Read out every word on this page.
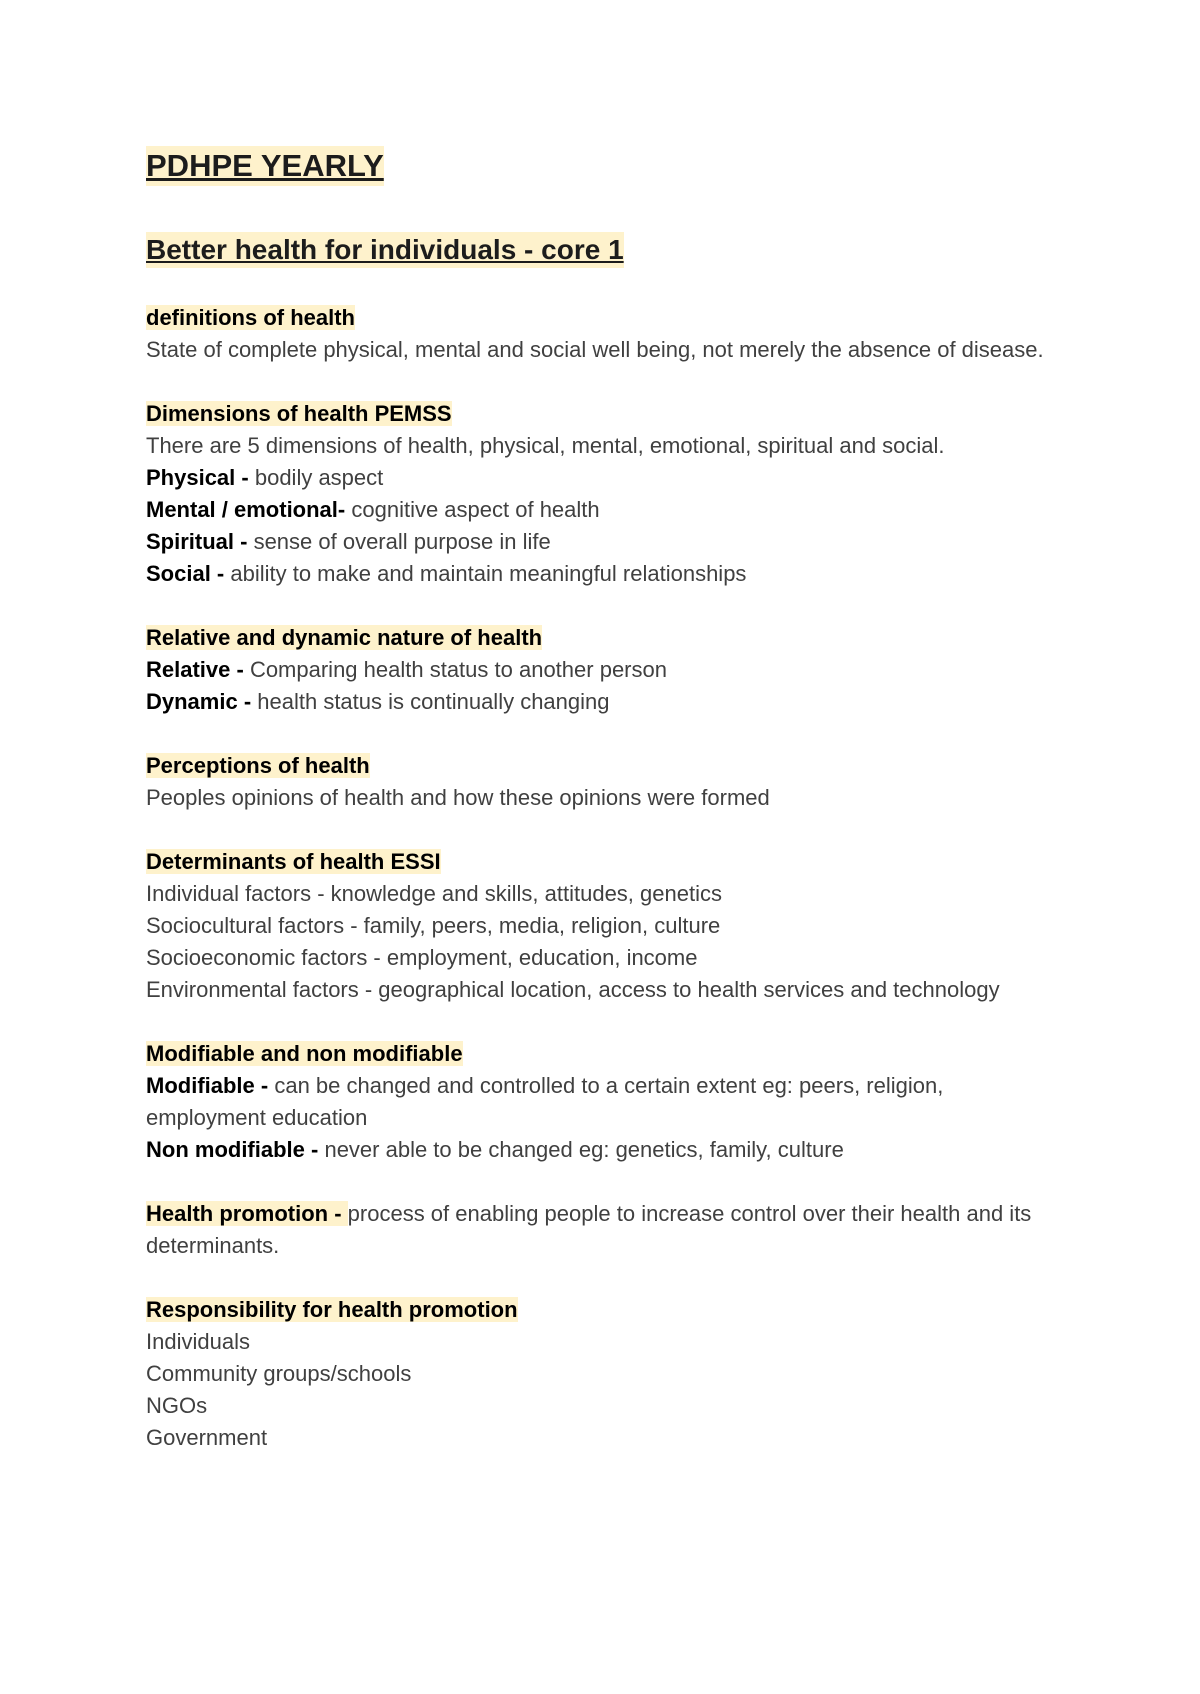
PDHPE YEARLY
Better health for individuals - core 1

definitions of health

State of complete physical, mental and social well being, not merely the absence of disease.

Dimensions of health PEMSS

There are 5 dimensions of health, physical, mental, emotional, spiritual and social.

Physical - bodily aspect

Mental / emotional- cognitive aspect of health

Spiritual - sense of overall purpose in life

Social - ability to make and maintain meaningful relationships

Relative and dynamic nature of health

Relative - Comparing health status to another person

Dynamic - health status is continually changing

Perceptions of health

Peoples opinions of health and how these opinions were formed

Determinants of health ESSI

Individual factors - knowledge and skills, attitudes, genetics

Sociocultural factors - family, peers, media, religion, culture

Socioeconomic factors - employment, education, income

Environmental factors - geographical location, access to health services and technology

Modifiable and non modifiable

Modifiable - can be changed and controlled to a certain extent eg: peers, religion, employment education

Non modifiable - never able to be changed eg: genetics, family, culture

Health promotion - process of enabling people to increase control over their health and its determinants.

Responsibility for health promotion

Individuals

Community groups/schools

NGOs

Government
